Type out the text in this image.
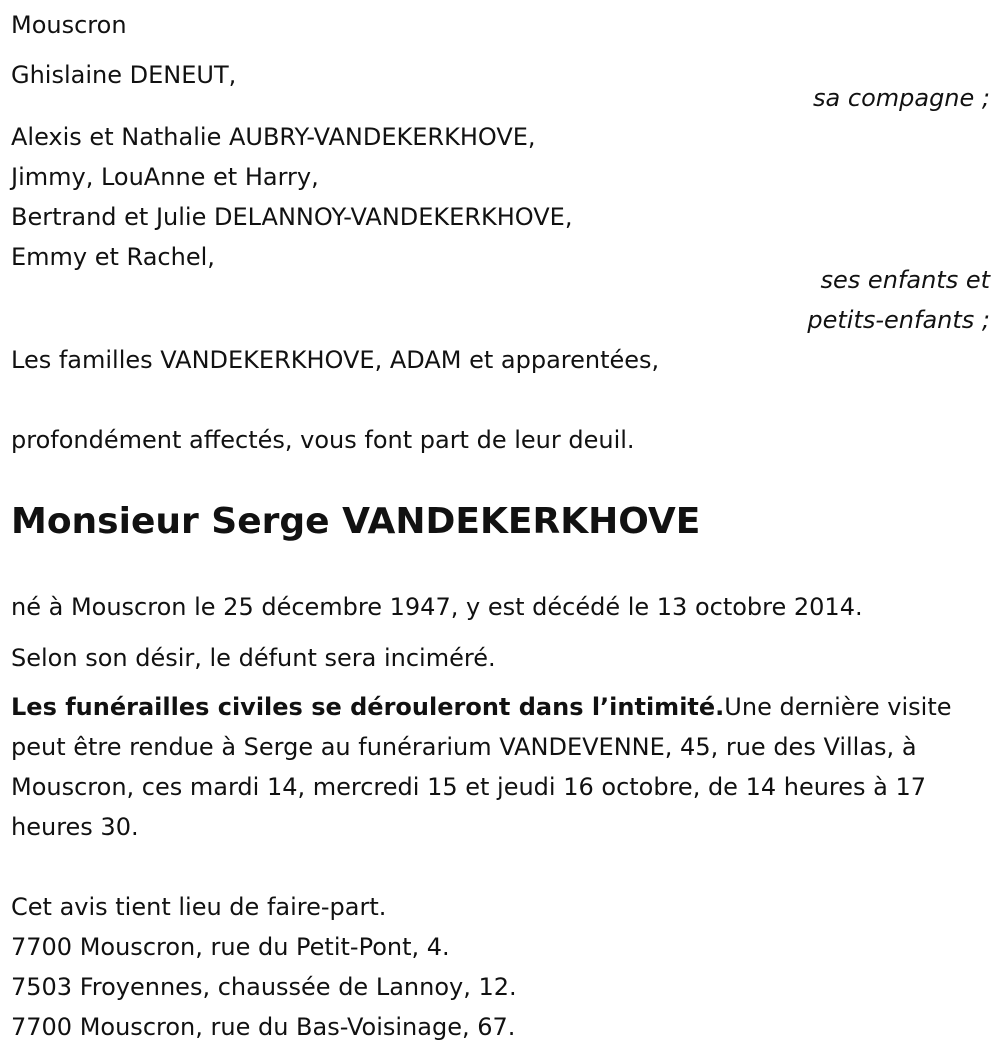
Mouscron
Ghislaine DENEUT,
sa compagne ;
Alexis et Nathalie AUBRY-VANDEKERKHOVE,
Jimmy, LouAnne et Harry,
Bertrand et Julie DELANNOY-VANDEKERKHOVE,
Emmy et Rachel,
ses enfants et
petits-enfants ;
Les familles VANDEKERKHOVE, ADAM et apparentées,
profondément affectés, vous font part de leur deuil.
Monsieur Serge VANDEKERKHOVE
né à Mouscron le 25 décembre 1947, y est décédé le 13 octobre 2014.
Selon son désir, le défunt sera inciméré.
Les funérailles civiles se dérouleront dans l’intimité.Une dernière visite peut être rendue à Serge au funérarium VANDEVENNE, 45, rue des Villas, à Mouscron, ces mardi 14, mercredi 15 et jeudi 16 octobre, de 14 heures à 17 heures 30.
Cet avis tient lieu de faire-part.
7700 Mouscron, rue du Petit-Pont, 4.
7503 Froyennes, chaussée de Lannoy, 12.
7700 Mouscron, rue du Bas-Voisinage, 67.
